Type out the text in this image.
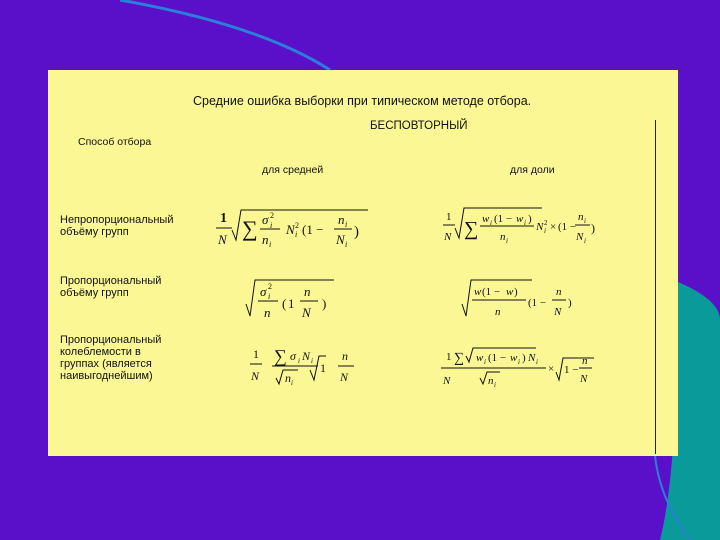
Средние ошибка выборки при типическом методе отбора.
БЕСПОВТОРНЫЙ
Способ отбора
для средней	для доли
Непропорциональный
объёму групп
Пропорциональный
объёму групп
Пропорциональный
колеблемости в
группах (является
наивыгоднейшим)
1
N ∑ σ i
2
n i
N i
2 (1 −
n i
N i
)
1
N ∑ w i (1 − w i )
n i
N i
2 × (1 −
n i
N i
)
σ i
2
n
( 1
n
N
)
w (1 − w )
n
(1 −
n
N
)
1
N
∑ σ i N i
n i
1
n
N
1
N
∑ w i (1 − w i ) N i
n i
× 1 −
n
N
